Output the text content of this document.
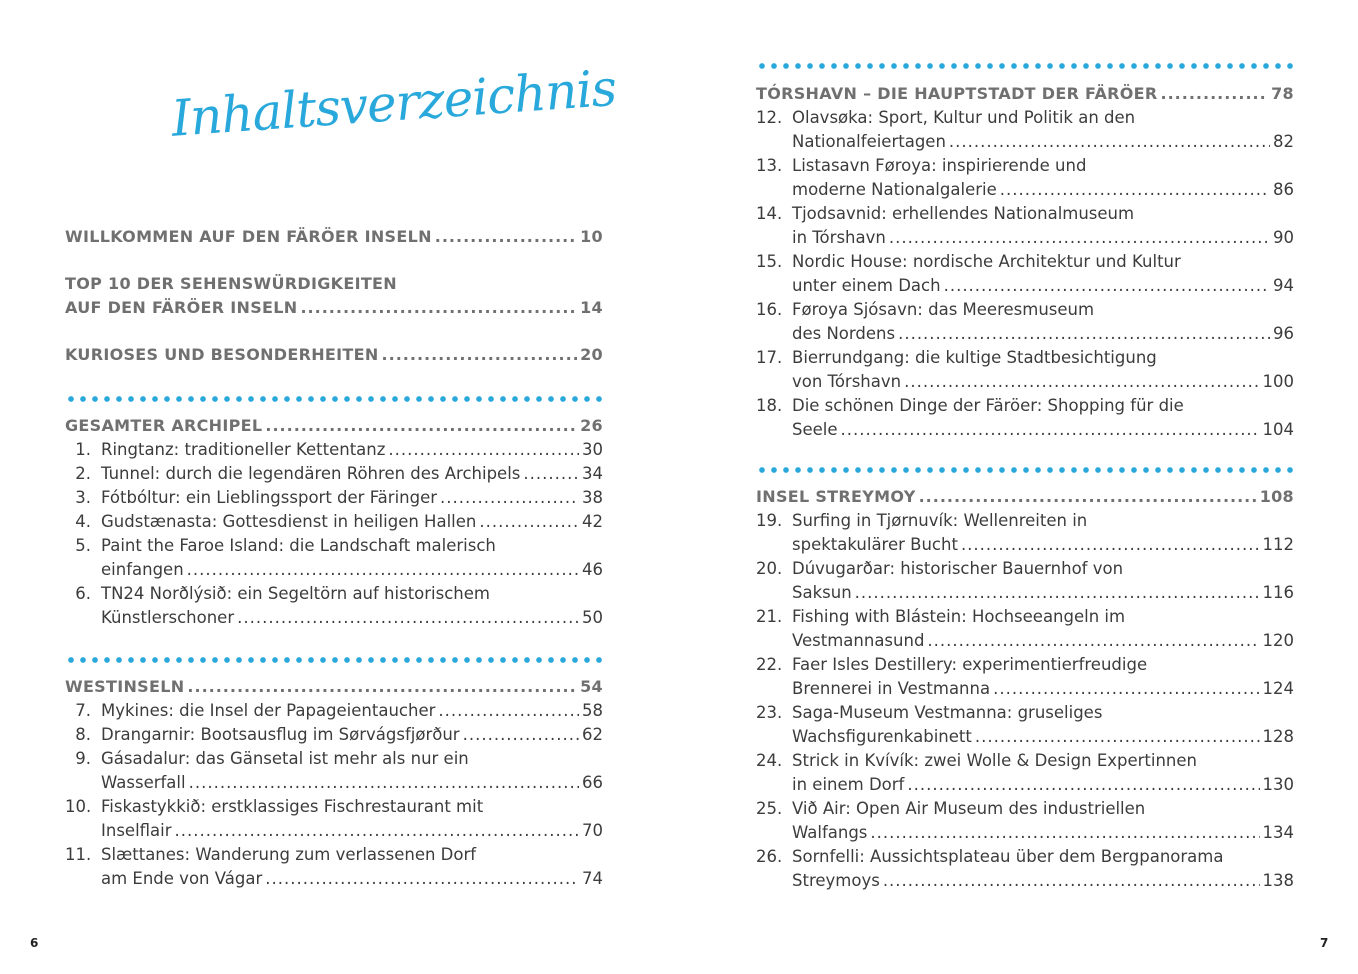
Inhaltsverzeichnis
WILLKOMMEN AUF DEN FÄRÖER INSELN .....	10
TOP 10 DER SEHENSWÜRDIGKEITEN
AUF DEN FÄRÖER INSELN .....	14
KURIOSES UND BESONDERHEITEN .....	20
GESAMTER ARCHIPEL .....	26
1. Ringtanz: traditioneller Kettentanz .....	30
2. Tunnel: durch die legendären Röhren des Archipels .....	34
3. Fótbóltur: ein Lieblingssport der Färinger .....	38
4. Gudstænasta: Gottesdienst in heiligen Hallen .....	42
5. Paint the Faroe Island: die Landschaft malerisch
einfangen .....	46
6. TN24 Norðlýsið: ein Segeltörn auf historischem
Künstlerschoner .....	50
WESTINSELN .....	54
7. Mykines: die Insel der Papageientaucher .....	58
8. Drangarnir: Bootsausflug im Sørvágsfjørður .....	62
9. Gásadalur: das Gänsetal ist mehr als nur ein
Wasserfall .....	66
10. Fiskastykkið: erstklassiges Fischrestaurant mit
Inselflair .....	70
11. Slættanes: Wanderung zum verlassenen Dorf
am Ende von Vágar .....	74
TÓRSHAVN – DIE HAUPTSTADT DER FÄRÖER .....	78
12. Olavsøka: Sport, Kultur und Politik an den
Nationalfeiertagen .....	82
13. Listasavn Føroya: inspirierende und
moderne Nationalgalerie .....	86
14. Tjodsavnid: erhellendes Nationalmuseum
in Tórshavn .....	90
15. Nordic House: nordische Architektur und Kultur
unter einem Dach .....	94
16. Føroya Sjósavn: das Meeresmuseum
des Nordens .....	96
17. Bierrundgang: die kultige Stadtbesichtigung
von Tórshavn .....	100
18. Die schönen Dinge der Färöer: Shopping für die
Seele .....	104
INSEL STREYMOY .....	108
19. Surfing in Tjørnuvík: Wellenreiten in
spektakulärer Bucht .....	112
20. Dúvugarðar: historischer Bauernhof von
Saksun .....	116
21. Fishing with Blástein: Hochseeangeln im
Vestmannasund .....	120
22. Faer Isles Destillery: experimentierfreudige
Brennerei in Vestmanna .....	124
23. Saga-Museum Vestmanna: gruseliges
Wachsfigurenkabinett .....	128
24. Strick in Kvívík: zwei Wolle & Design Expertinnen
in einem Dorf .....	130
25. Við Air: Open Air Museum des industriellen
Walfangs .....	134
26. Sornfelli: Aussichtsplateau über dem Bergpanorama
Streymoys .....	138
6	7
